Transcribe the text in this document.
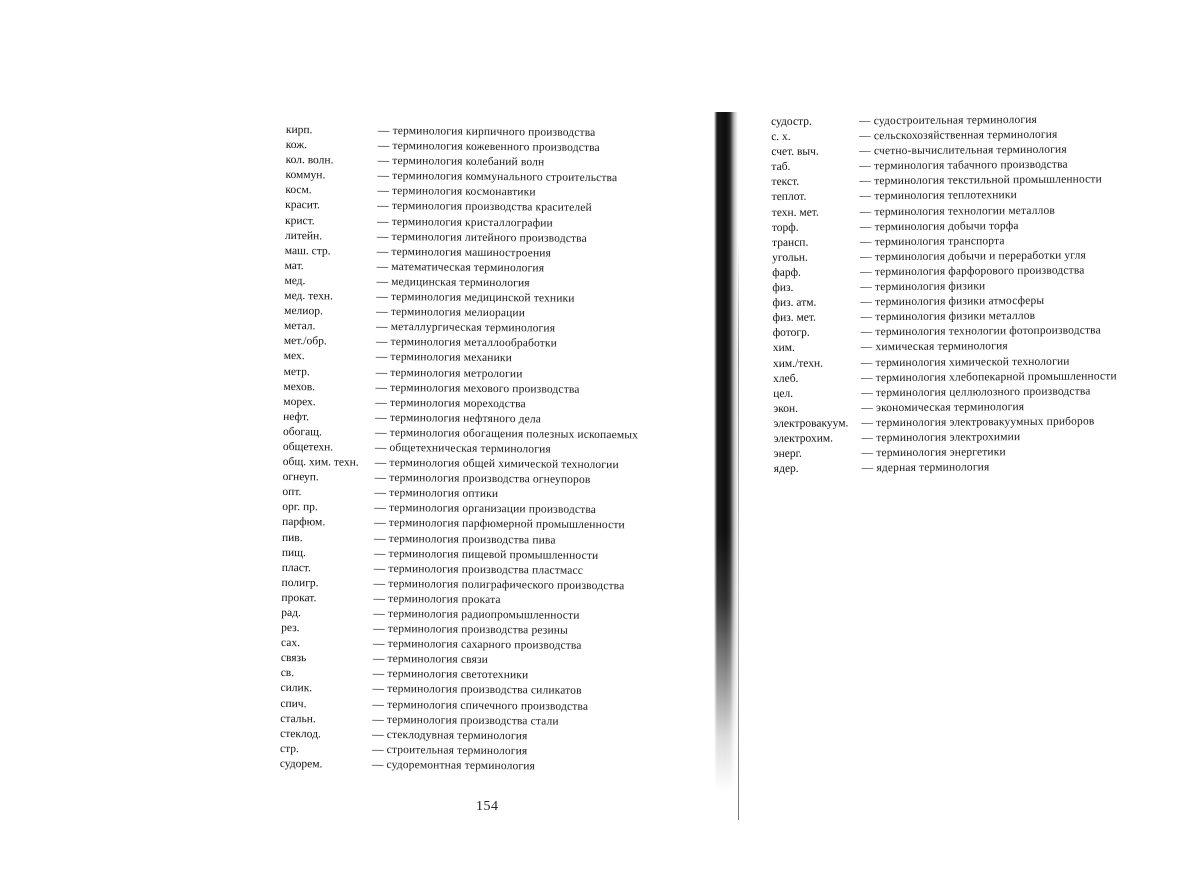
кирп.	— терминология кирпичного производства
кож.	— терминология кожевенного производства
кол. волн.	— терминология колебаний волн
коммун.	— терминология коммунального строительства
косм.	— терминология космонавтики
красит.	— терминология производства красителей
крист.	— терминология кристаллографии
литейн.	— терминология литейного производства
маш. стр.	— терминология машиностроения
мат.	— математическая терминология
мед.	— медицинская терминология
мед. техн.	— терминология медицинской техники
мелиор.	— терминология мелиорации
метал.	— металлургическая терминология
мет./обр.	— терминология металлообработки
мех.	— терминология механики
метр.	— терминология метрологии
мехов.	— терминология мехового производства
морех.	— терминология мореходства
нефт.	— терминология нефтяного дела
обогащ.	— терминология обогащения полезных ископаемых
общетехн.	— общетехническая терминология
общ. хим. техн.	— терминология общей химической технологии
огнеуп.	— терминология производства огнеупоров
опт.	— терминология оптики
орг. пр.	— терминология организации производства
парфюм.	— терминология парфюмерной промышленности
пив.	— терминология производства пива
пищ.	— терминология пищевой промышленности
пласт.	— терминология производства пластмасс
полигр.	— терминология полиграфического производства
прокат.	— терминология проката
рад.	— терминология радиопромышленности
рез.	— терминология производства резины
сах.	— терминология сахарного производства
связь	— терминология связи
св.	— терминология светотехники
силик.	— терминология производства силикатов
спич.	— терминология спичечного производства
стальн.	— терминология производства стали
стеклод.	— стеклодувная терминология
стр.	— строительная терминология
судорем.	— судоремонтная терминология
судостр.	— судостроительная терминология
с. х.	— сельскохозяйственная терминология
счет. выч.	— счетно-вычислительная терминология
таб.	— терминология табачного производства
текст.	— терминология текстильной промышленности
теплот.	— терминология теплотехники
техн. мет.	— терминология технологии металлов
торф.	— терминология добычи торфа
трансп.	— терминология транспорта
угольн.	— терминология добычи и переработки угля
фарф.	— терминология фарфорового производства
физ.	— терминология физики
физ. атм.	— терминология физики атмосферы
физ. мет.	— терминология физики металлов
фотогр.	— терминология технологии фотопроизводства
хим.	— химическая терминология
хим./техн.	— терминология химической технологии
хлеб.	— терминология хлебопекарной промышленности
цел.	— терминология целлюлозного производства
экон.	— экономическая терминология
электровакуум.	— терминология электровакуумных приборов
электрохим.	— терминология электрохимии
энерг.	— терминология энергетики
ядер.	— ядерная терминология
154
